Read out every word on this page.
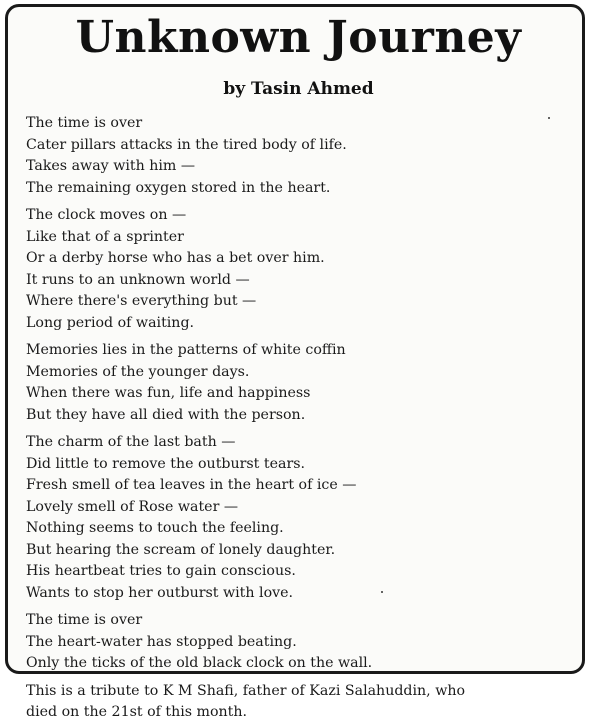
Unknown Journey
by Tasin Ahmed
The time is over
Cater pillars attacks in the tired body of life.
Takes away with him —
The remaining oxygen stored in the heart.
The clock moves on —
Like that of a sprinter
Or a derby horse who has a bet over him.
It runs to an unknown world —
Where there's everything but —
Long period of waiting.
Memories lies in the patterns of white coffin
Memories of the younger days.
When there was fun, life and happiness
But they have all died with the person.
The charm of the last bath —
Did little to remove the outburst tears.
Fresh smell of tea leaves in the heart of ice —
Lovely smell of Rose water —
Nothing seems to touch the feeling.
But hearing the scream of lonely daughter.
His heartbeat tries to gain conscious.
Wants to stop her outburst with love.
The time is over
The heart-water has stopped beating.
Only the ticks of the old black clock on the wall.
This is a tribute to K M Shafi, father of Kazi Salahuddin, who
died on the 21st of this month.
